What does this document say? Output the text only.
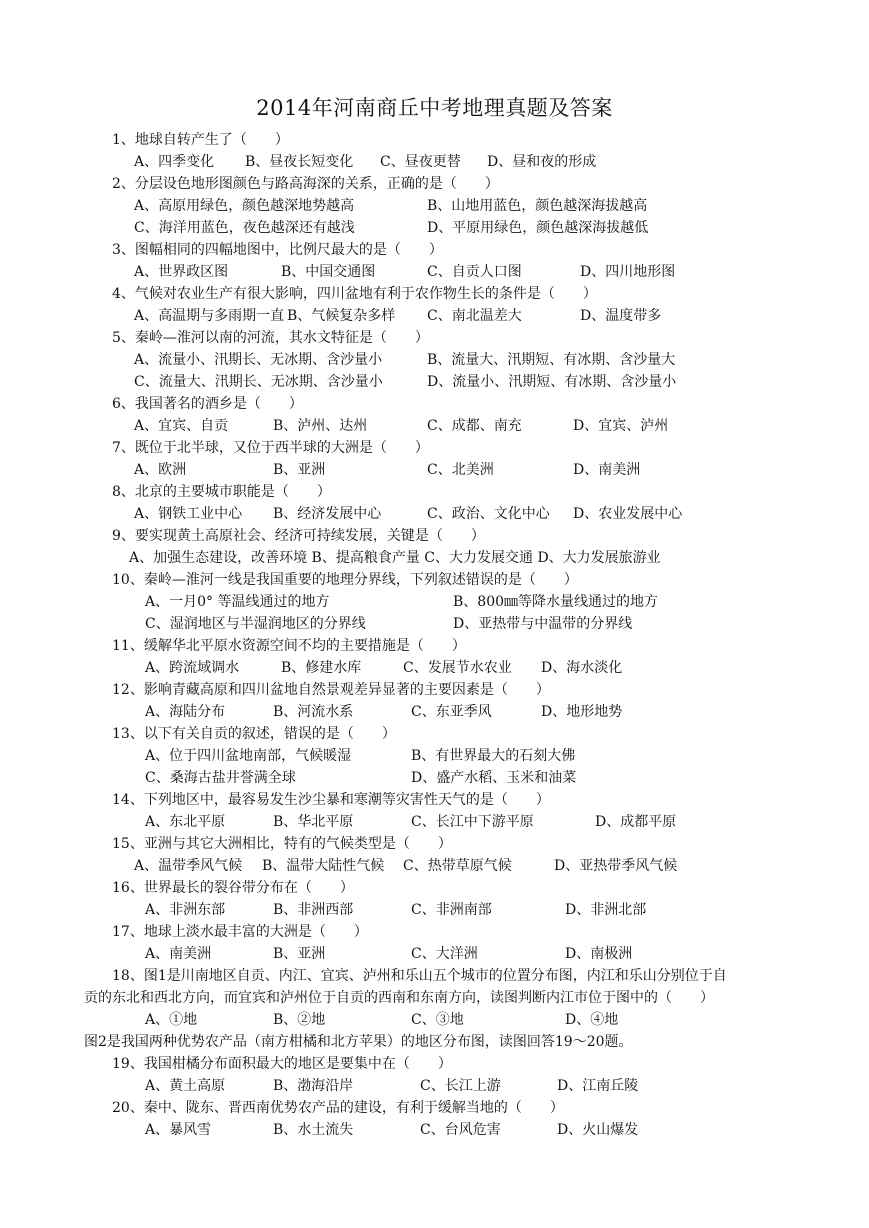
2014年河南商丘中考地理真题及答案
1、地球自转产生了（　　）
A、四季变化 B、昼夜长短变化 C、昼夜更替 D、昼和夜的形成
2、分层设色地形图颜色与路高海深的关系，正确的是（　　）
A、高原用绿色，颜色越深地势越高	B、山地用蓝色，颜色越深海拔越高
C、海洋用蓝色，夜色越深还有越浅	D、平原用绿色，颜色越深海拔越低
3、图幅相同的四幅地图中，比例尺最大的是（　　）
A、世界政区图	B、中国交通图	C、自贡人口图	D、四川地形图
4、气候对农业生产有很大影响，四川盆地有利于农作物生长的条件是（　　）
A、高温期与多雨期一直 B、气候复杂多样 C、南北温差大	D、温度带多
5、秦岭—淮河以南的河流，其水文特征是（　　）
A、流量小、汛期长、无冰期、含沙量小	B、流量大、汛期短、有冰期、含沙量大
C、流量大、汛期长、无冰期、含沙量小	D、流量小、汛期短、有冰期、含沙量小
6、我国著名的酒乡是（　　）
A、宜宾、自贡	B、泸州、达州	C、成都、南充	D、宜宾、泸州
7、既位于北半球，又位于西半球的大洲是（　　）
A、欧洲	B、亚洲	C、北美洲	D、南美洲
8、北京的主要城市职能是（　　）
A、钢铁工业中心 B、经济发展中心	C、政治、文化中心 D、农业发展中心
9、要实现黄土高原社会、经济可持续发展，关键是（　　）
A、加强生态建设，改善环境 B、提高粮食产量 C、大力发展交通 D、大力发展旅游业
10、秦岭—淮河一线是我国重要的地理分界线，下列叙述错误的是（　　）
A、一月0° 等温线通过的地方	B、800㎜等降水量线通过的地方
C、湿润地区与半湿润地区的分界线	D、亚热带与中温带的分界线
11、缓解华北平原水资源空间不均的主要措施是（　　）
A、跨流域调水	B、修建水库	C、发展节水农业 D、海水淡化
12、影响青藏高原和四川盆地自然景观差异显著的主要因素是（　　）
A、海陆分布	B、河流水系	C、东亚季风	D、地形地势
13、以下有关自贡的叙述，错误的是（　　）
A、位于四川盆地南部，气候暖湿	B、有世界最大的石刻大佛
C、桑海古盐井誉满全球	D、盛产水稻、玉米和油菜
14、下列地区中，最容易发生沙尘暴和寒潮等灾害性天气的是（　　）
A、东北平原	B、华北平原	C、长江中下游平原	D、成都平原
15、亚洲与其它大洲相比，特有的气候类型是（　　）
A、温带季风气候 B、温带大陆性气候 C、热带草原气候	D、亚热带季风气候
16、世界最长的裂谷带分布在（　　）
A、非洲东部	B、非洲西部	C、非洲南部	D、非洲北部
17、地球上淡水最丰富的大洲是（　　）
A、南美洲	B、亚洲	C、大洋洲	D、南极洲
18、图1是川南地区自贡、内江、宜宾、泸州和乐山五个城市的位置分布图，内江和乐山分别位于自
贡的东北和西北方向，而宜宾和泸州位于自贡的西南和东南方向，读图判断内江市位于图中的（　　）
A、①地	B、②地	C、③地	D、④地
图2是我国两种优势农产品（南方柑橘和北方苹果）的地区分布图，读图回答19～20题。
19、我国柑橘分布面积最大的地区是要集中在（　　）
A、黄土高原	B、渤海沿岸	C、长江上游	D、江南丘陵
20、秦中、陇东、晋西南优势农产品的建设，有利于缓解当地的（　　）
A、暴风雪	B、水土流失	C、台风危害	D、火山爆发
